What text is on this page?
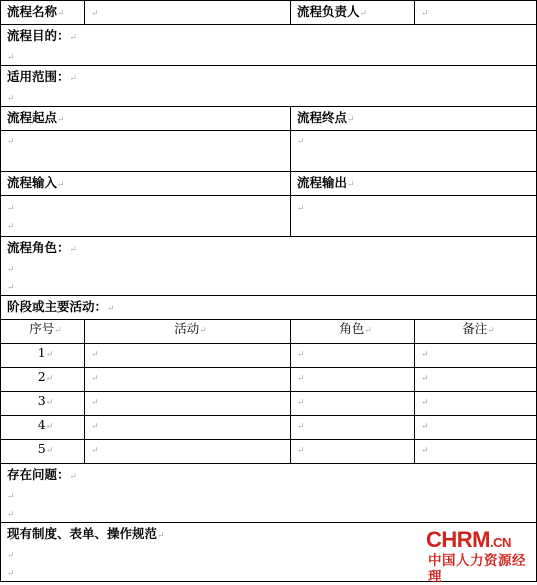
流程名称↵	↵	流程负责人↵	↵
流程目的：↵
↵			

适用范围：↵
↵			

流程起点↵		流程终点↵	
↵		↵	
流程输入↵		流程输出↵	

↵
↵		↵	

流程角色：↵
↵
↵			

阶段或主要活动：↵			
序号↵	活动↵	角色↵	备注↵
1↵	↵	↵	↵
2↵	↵	↵	↵
3↵	↵	↵	↵
4↵	↵	↵	↵
5↵	↵	↵	↵
存在问题：↵
↵
↵			

现有制度、表单、操作规范↵
↵
↵			
CHRM.CN
中国人力资源经理
